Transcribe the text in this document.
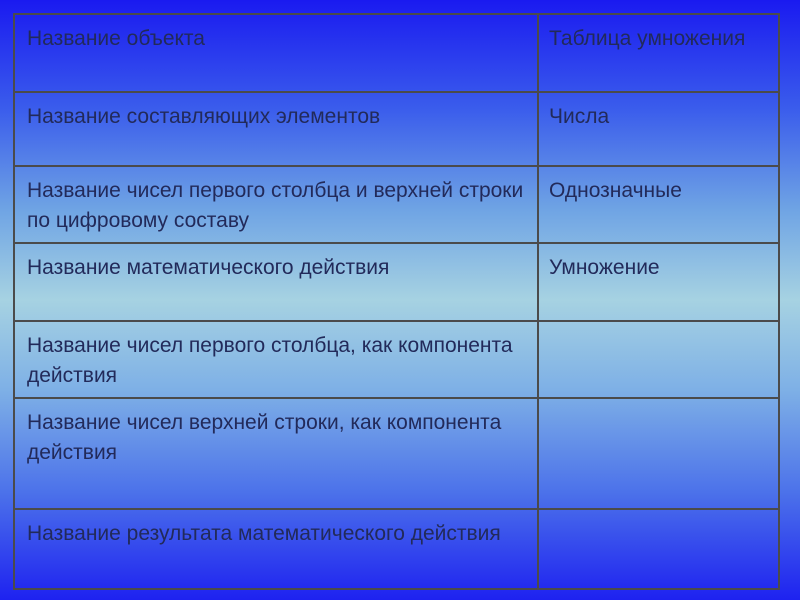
Название объекта	Таблица умножения
Название составляющих элементов	Числа
Название чисел первого столбца и верхней строки по цифровому составу	Однозначные
Название математического действия	Умножение
Название чисел первого столбца, как компонента действия	
Название чисел верхней строки, как компонента действия	
Название результата математического действия	
